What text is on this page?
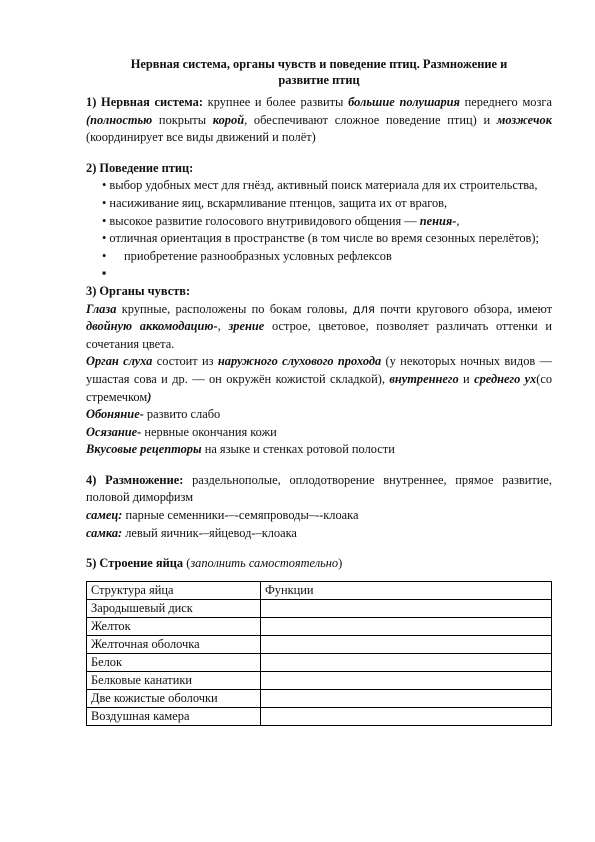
Нервная система, органы чувств и поведение птиц. Размножение и
развитие птиц

1) Нервная система: крупнее и более развиты большие полушария переднего мозга (полностью покрыты корой, обеспечивают сложное поведение птиц) и мозжечок (координирует все виды движений и полёт)

2) Поведение птиц:

• выбор удобных мест для гнёзд, активный поиск материала для их строительства,

• насиживание яиц, вскармливание птенцов, защита их от врагов,

• высокое развитие голосового внутривидового общения — пения-,

• отличная ориентация в пространстве (в том числе во время сезонных перелётов);

• приобретение разнообразных условных рефлексов

▪

3) Органы чувств:

Глаза крупные, расположены по бокам головы, для почти кругового обзора, имеют двойную аккомодацию-, зрение острое, цветовое, позволяет различать оттенки и сочетания цвета.

Орган слуха состоит из наружного слухового прохода (у некоторых ночных видов — ушастая сова и др. — он окружён кожистой складкой), внутреннего и среднего ух(со стремечком)

Обоняние- развито слабо

Осязание- нервные окончания кожи

Вкусовые рецепторы на языке и стенках ротовой полости

4) Размножение: раздельнополые, оплодотворение внутреннее, прямое развитие, половой диморфизм

самец: парные семенники-–-семяпроводы–--клоака

самка: левый яичник-–яйцевод-–клоака

5) Строение яйца (заполнить самостоятельно)

Структура яйца	Функции
Зародышевый диск	
Желток	
Желточная оболочка	
Белок	
Белковые канатики	
Две кожистые оболочки	
Воздушная камера	
